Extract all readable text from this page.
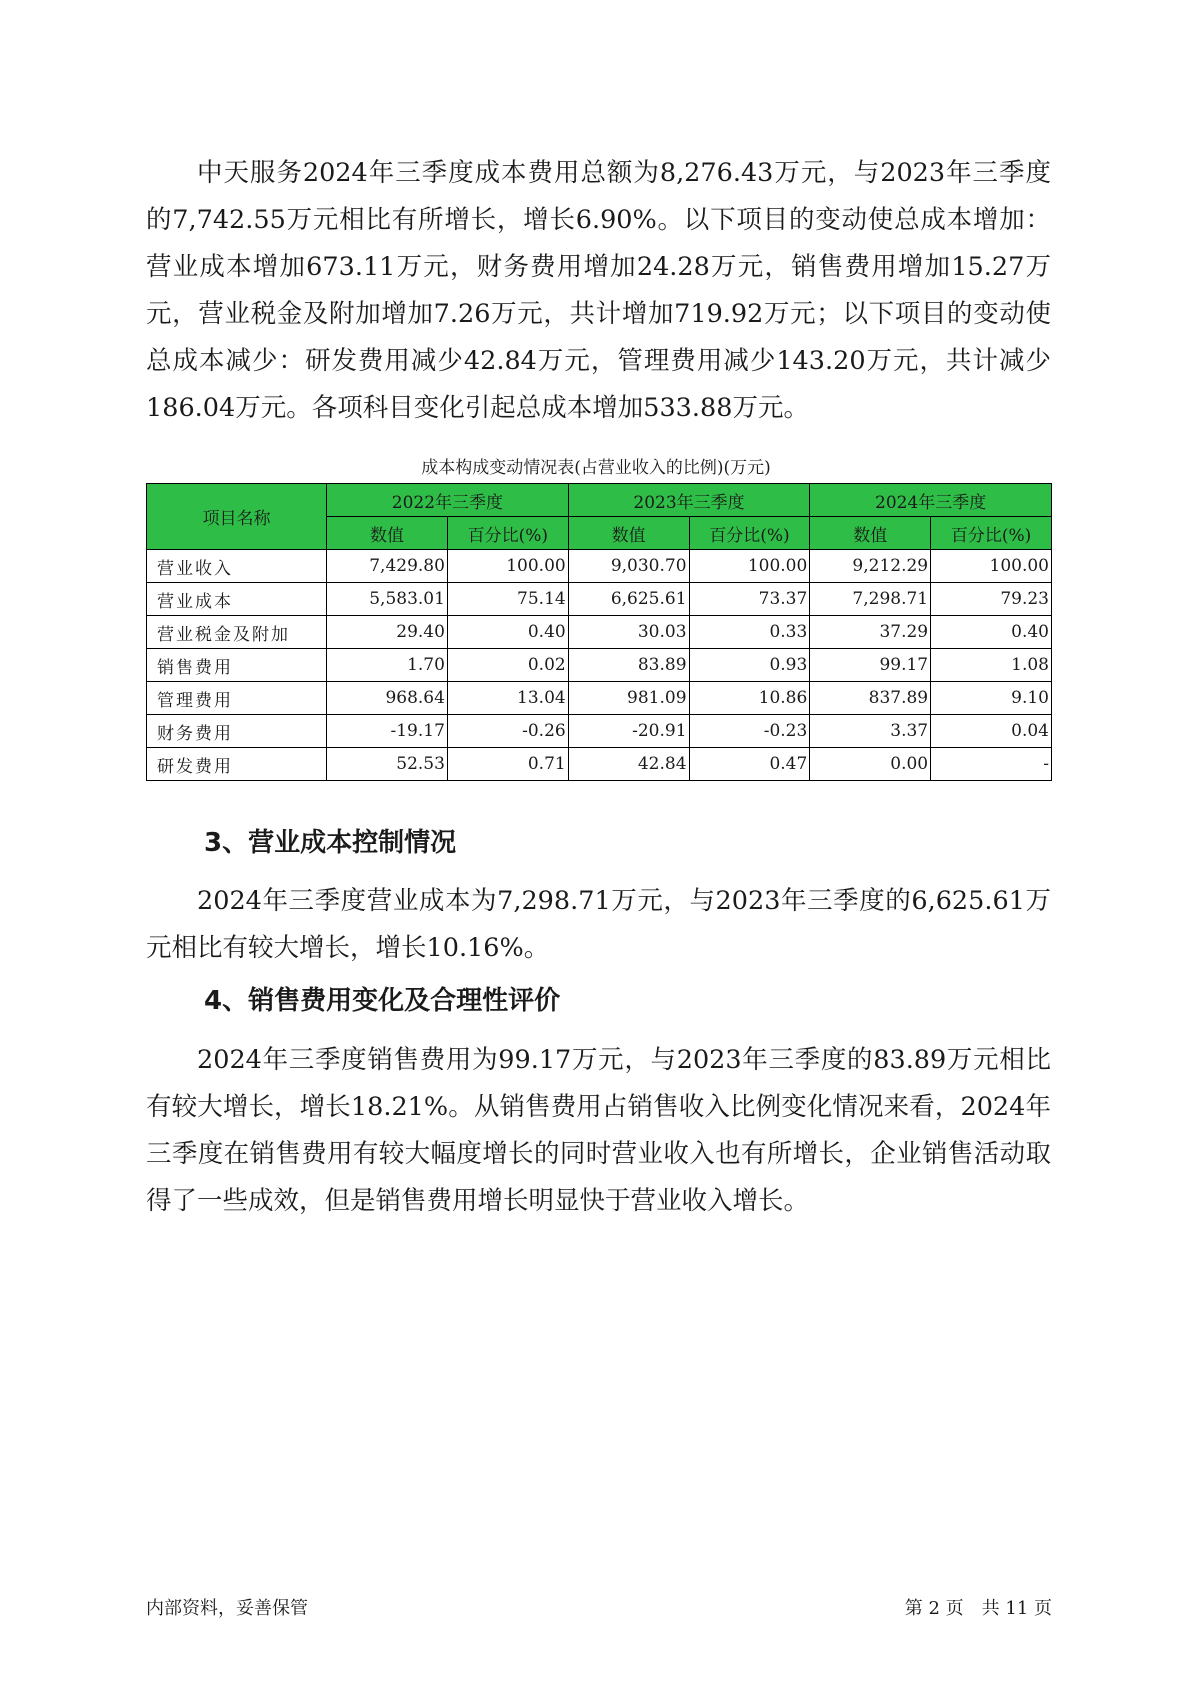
中天服务2024年三季度成本费用总额为8,276.43万元，与2023年三季度的7,742.55万元相比有所增长，增长6.90%。以下项目的变动使总成本增加：营业成本增加673.11万元，财务费用增加24.28万元，销售费用增加15.27万元，营业税金及附加增加7.26万元，共计增加719.92万元；以下项目的变动使总成本减少：研发费用减少42.84万元，管理费用减少143.20万元，共计减少186.04万元。各项科目变化引起总成本增加533.88万元。

成本构成变动情况表(占营业收入的比例)(万元)

项目名称	2022年三季度		2023年三季度		2024年三季度	
	数值	百分比(%)	数值	百分比(%)	数值	百分比(%)
营业收入	7,429.80	100.00	9,030.70	100.00	9,212.29	100.00
营业成本	5,583.01	75.14	6,625.61	73.37	7,298.71	79.23
营业税金及附加	29.40	0.40	30.03	0.33	37.29	0.40
销售费用	1.70	0.02	83.89	0.93	99.17	1.08
管理费用	968.64	13.04	981.09	10.86	837.89	9.10
财务费用	-19.17	-0.26	-20.91	-0.23	3.37	0.04
研发费用	52.53	0.71	42.84	0.47	0.00	-
3、营业成本控制情况

2024年三季度营业成本为7,298.71万元，与2023年三季度的6,625.61万元相比有较大增长，增长10.16%。

4、销售费用变化及合理性评价

2024年三季度销售费用为99.17万元，与2023年三季度的83.89万元相比有较大增长，增长18.21%。从销售费用占销售收入比例变化情况来看，2024年三季度在销售费用有较大幅度增长的同时营业收入也有所增长，企业销售活动取得了一些成效，但是销售费用增长明显快于营业收入增长。

内部资料，妥善保管	第 2 页　共 11 页
